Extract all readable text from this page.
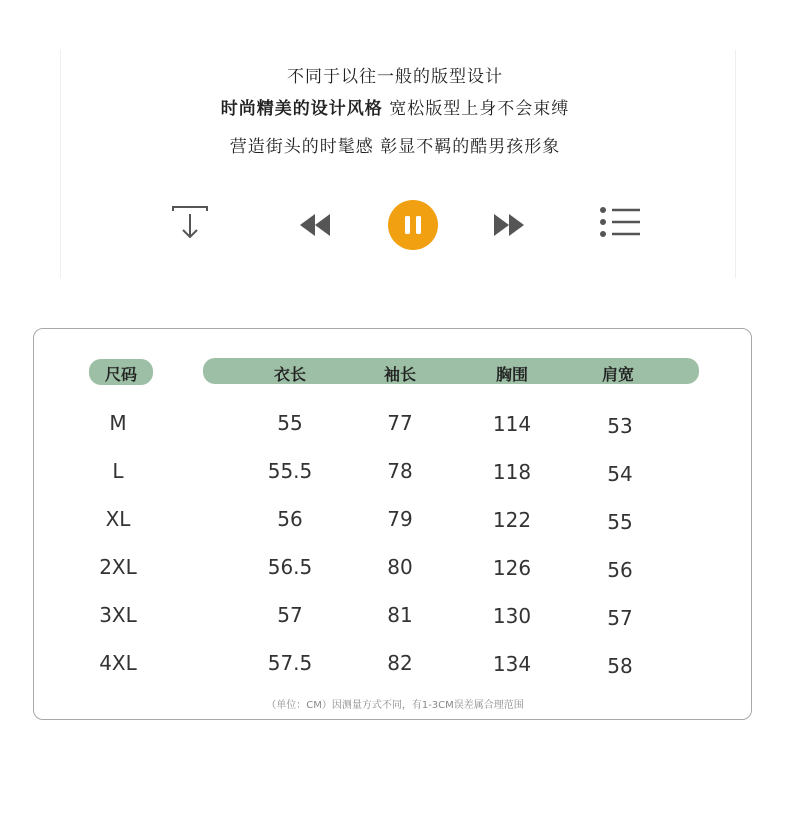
不同于以往一般的版型设计
时尚精美的设计风格 宽松版型上身不会束缚
营造街头的时髦感 彰显不羁的酷男孩形象
尺码	衣长	袖长	胸围	肩宽
M	55	77	114	53
L	55.5	78	118	54
XL	56	79	122	55
2XL	56.5	80	126	56
3XL	57	81	130	57
4XL	57.5	82	134	58
（单位：CM）因测量方式不同，有1-3CM误差属合理范围
